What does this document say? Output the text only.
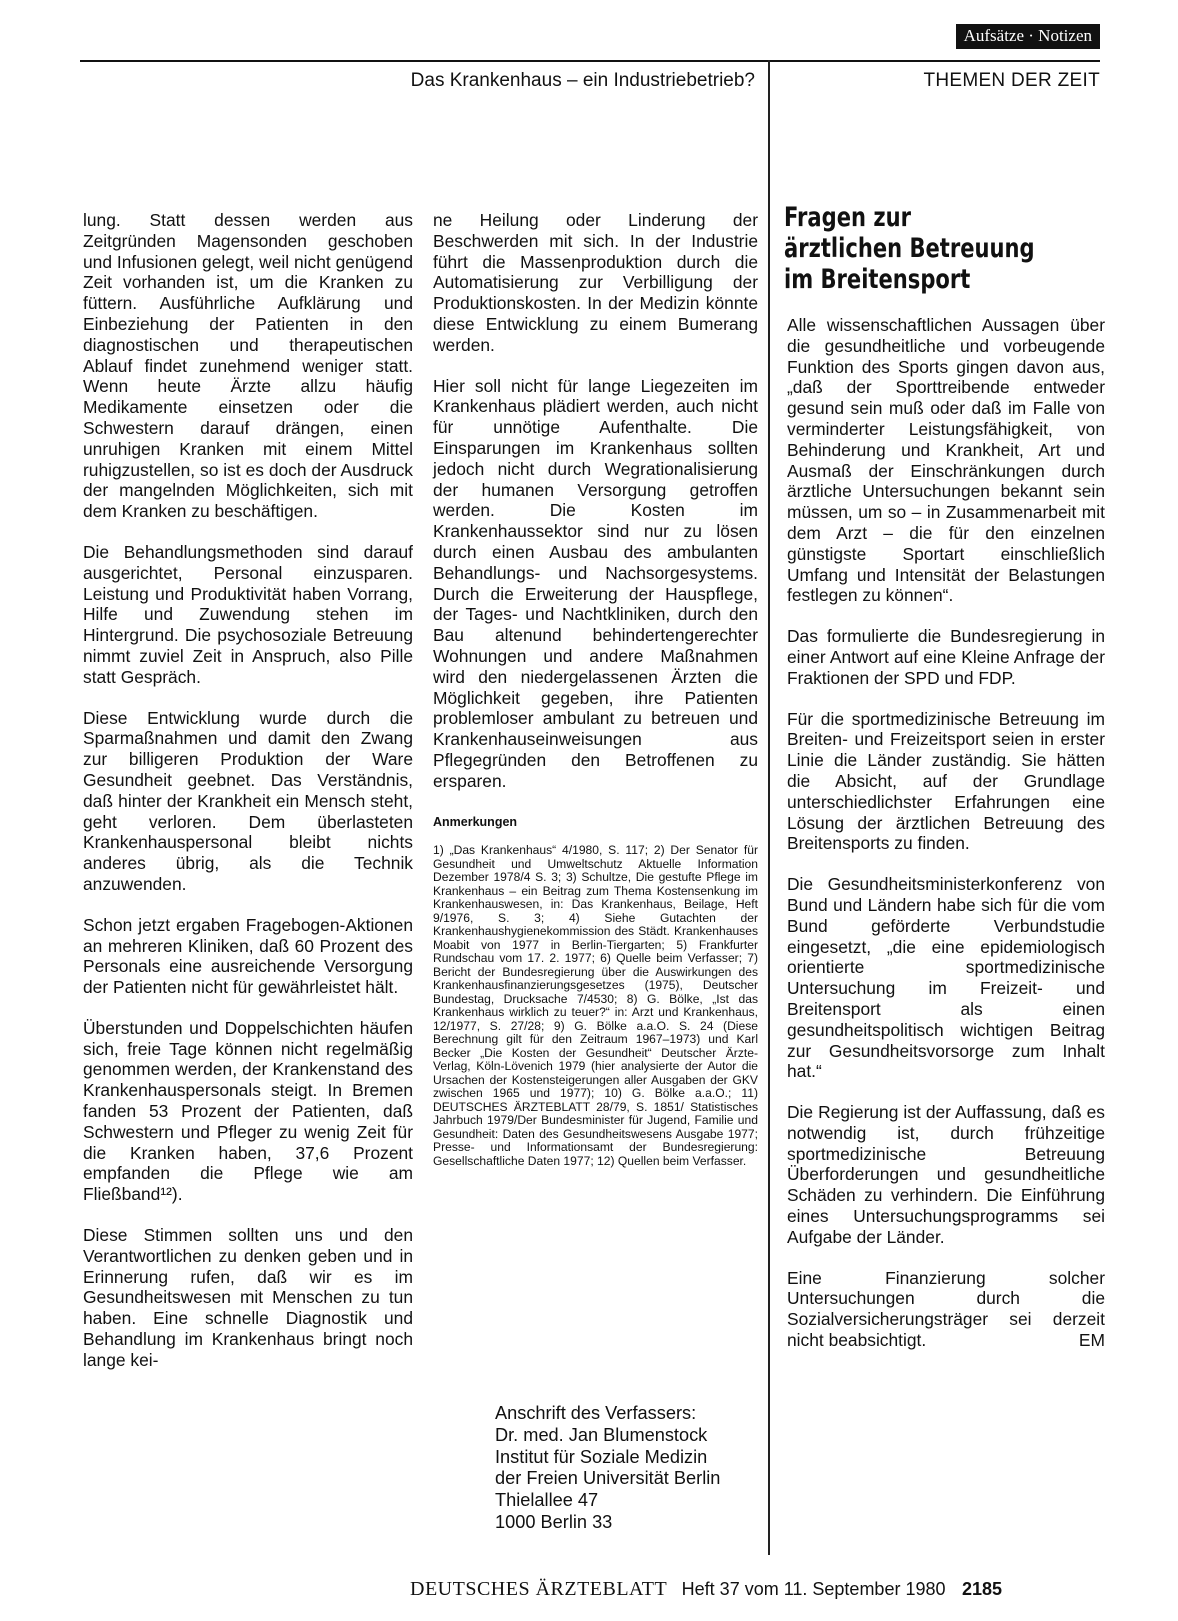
Aufsätze · Notizen
Das Krankenhaus – ein Industriebetrieb?	THEMEN DER ZEIT

lung. Statt dessen werden aus Zeitgründen Magensonden geschoben und Infusionen gelegt, weil nicht genügend Zeit vorhanden ist, um die Kranken zu füttern. Ausführliche Aufklärung und Einbeziehung der Patienten in den diagnostischen und therapeutischen Ablauf findet zunehmend weniger statt. Wenn heute Ärzte allzu häufig Medikamente einsetzen oder die Schwestern darauf drängen, einen unruhigen Kranken mit einem Mittel ruhigzustellen, so ist es doch der Ausdruck der mangelnden Möglichkeiten, sich mit dem Kranken zu beschäftigen.

Die Behandlungsmethoden sind darauf ausgerichtet, Personal einzusparen. Leistung und Produktivität haben Vorrang, Hilfe und Zuwendung stehen im Hintergrund. Die psychosoziale Betreuung nimmt zuviel Zeit in Anspruch, also Pille statt Gespräch.

Diese Entwicklung wurde durch die Sparmaßnahmen und damit den Zwang zur billigeren Produktion der Ware Gesundheit geebnet. Das Verständnis, daß hinter der Krankheit ein Mensch steht, geht verloren. Dem überlasteten Krankenhauspersonal bleibt nichts anderes übrig, als die Technik anzuwenden.

Schon jetzt ergaben Fragebogen-Aktionen an mehreren Kliniken, daß 60 Prozent des Personals eine ausreichende Versorgung der Patienten nicht für gewährleistet hält.

Überstunden und Doppelschichten häufen sich, freie Tage können nicht regelmäßig genommen werden, der Krankenstand des Krankenhauspersonals steigt. In Bremen fanden 53 Prozent der Patienten, daß Schwestern und Pfleger zu wenig Zeit für die Kranken haben, 37,6 Prozent empfanden die Pflege wie am Fließband¹²).

Diese Stimmen sollten uns und den Verantwortlichen zu denken geben und in Erinnerung rufen, daß wir es im Gesundheitswesen mit Menschen zu tun haben. Eine schnelle Diagnostik und Behandlung im Krankenhaus bringt noch lange kei-

ne Heilung oder Linderung der Beschwerden mit sich. In der Industrie führt die Massenproduktion durch die Automatisierung zur Verbilligung der Produktionskosten. In der Medizin könnte diese Entwicklung zu einem Bumerang werden.

Hier soll nicht für lange Liegezeiten im Krankenhaus plädiert werden, auch nicht für unnötige Aufenthalte. Die Einsparungen im Krankenhaus sollten jedoch nicht durch Wegrationalisierung der humanen Versorgung getroffen werden. Die Kosten im Krankenhaussektor sind nur zu lösen durch einen Ausbau des ambulanten Behandlungs- und Nachsorgesystems. Durch die Erweiterung der Hauspflege, der Tages- und Nachtkliniken, durch den Bau altenund behindertengerechter Wohnungen und andere Maßnahmen wird den niedergelassenen Ärzten die Möglichkeit gegeben, ihre Patienten problemloser ambulant zu betreuen und Krankenhauseinweisungen aus Pflegegründen den Betroffenen zu ersparen.

Anmerkungen

1) „Das Krankenhaus“ 4/1980, S. 117; 2) Der Senator für Gesundheit und Umweltschutz Aktuelle Information Dezember 1978/4 S. 3; 3) Schultze, Die gestufte Pflege im Krankenhaus – ein Beitrag zum Thema Kostensenkung im Krankenhauswesen, in: Das Krankenhaus, Beilage, Heft 9/1976, S. 3; 4) Siehe Gutachten der Krankenhaushygienekommission des Städt. Krankenhauses Moabit von 1977 in Berlin-Tiergarten; 5) Frankfurter Rundschau vom 17. 2. 1977; 6) Quelle beim Verfasser; 7) Bericht der Bundesregierung über die Auswirkungen des Krankenhausfinanzierungsgesetzes (1975), Deutscher Bundestag, Drucksache 7/4530; 8) G. Bölke, „Ist das Krankenhaus wirklich zu teuer?“ in: Arzt und Krankenhaus, 12/1977, S. 27/28; 9) G. Bölke a.a.O. S. 24 (Diese Berechnung gilt für den Zeitraum 1967–1973) und Karl Becker „Die Kosten der Gesundheit“ Deutscher Ärzte-Verlag, Köln-Lövenich 1979 (hier analysierte der Autor die Ursachen der Kostensteigerungen aller Ausgaben der GKV zwischen 1965 und 1977); 10) G. Bölke a.a.O.; 11) DEUTSCHES ÄRZTEBLATT 28/79, S. 1851/ Statistisches Jahrbuch 1979/Der Bundesminister für Jugend, Familie und Gesundheit: Daten des Gesundheitswesens Ausgabe 1977; Presse- und Informationsamt der Bundesregierung: Gesellschaftliche Daten 1977; 12) Quellen beim Verfasser.

Anschrift des Verfassers:
Dr. med. Jan Blumenstock
Institut für Soziale Medizin
der Freien Universität Berlin
Thielallee 47
1000 Berlin 33
Fragen zur
ärztlichen Betreuung
im Breitensport

Alle wissenschaftlichen Aussagen über die gesundheitliche und vorbeugende Funktion des Sports gingen davon aus, „daß der Sporttreibende entweder gesund sein muß oder daß im Falle von verminderter Leistungsfähigkeit, von Behinderung und Krankheit, Art und Ausmaß der Einschränkungen durch ärztliche Untersuchungen bekannt sein müssen, um so – in Zusammenarbeit mit dem Arzt – die für den einzelnen günstigste Sportart einschließlich Umfang und Intensität der Belastungen festlegen zu können“.

Das formulierte die Bundesregierung in einer Antwort auf eine Kleine Anfrage der Fraktionen der SPD und FDP.

Für die sportmedizinische Betreuung im Breiten- und Freizeitsport seien in erster Linie die Länder zuständig. Sie hätten die Absicht, auf der Grundlage unterschiedlichster Erfahrungen eine Lösung der ärztlichen Betreuung des Breitensports zu finden.

Die Gesundheitsministerkonferenz von Bund und Ländern habe sich für die vom Bund geförderte Verbundstudie eingesetzt, „die eine epidemiologisch orientierte sportmedizinische Untersuchung im Freizeit- und Breitensport als einen gesundheitspolitisch wichtigen Beitrag zur Gesundheitsvorsorge zum Inhalt hat.“

Die Regierung ist der Auffassung, daß es notwendig ist, durch frühzeitige sportmedizinische Betreuung Überforderungen und gesundheitliche Schäden zu verhindern. Die Einführung eines Untersuchungsprogramms sei Aufgabe der Länder.

Eine Finanzierung solcher Untersuchungen durch die Sozialversicherungsträger sei derzeit nicht beabsichtigt.	EM

DEUTSCHES ÄRZTEBLATT Heft 37 vom 11. September 1980 2185
